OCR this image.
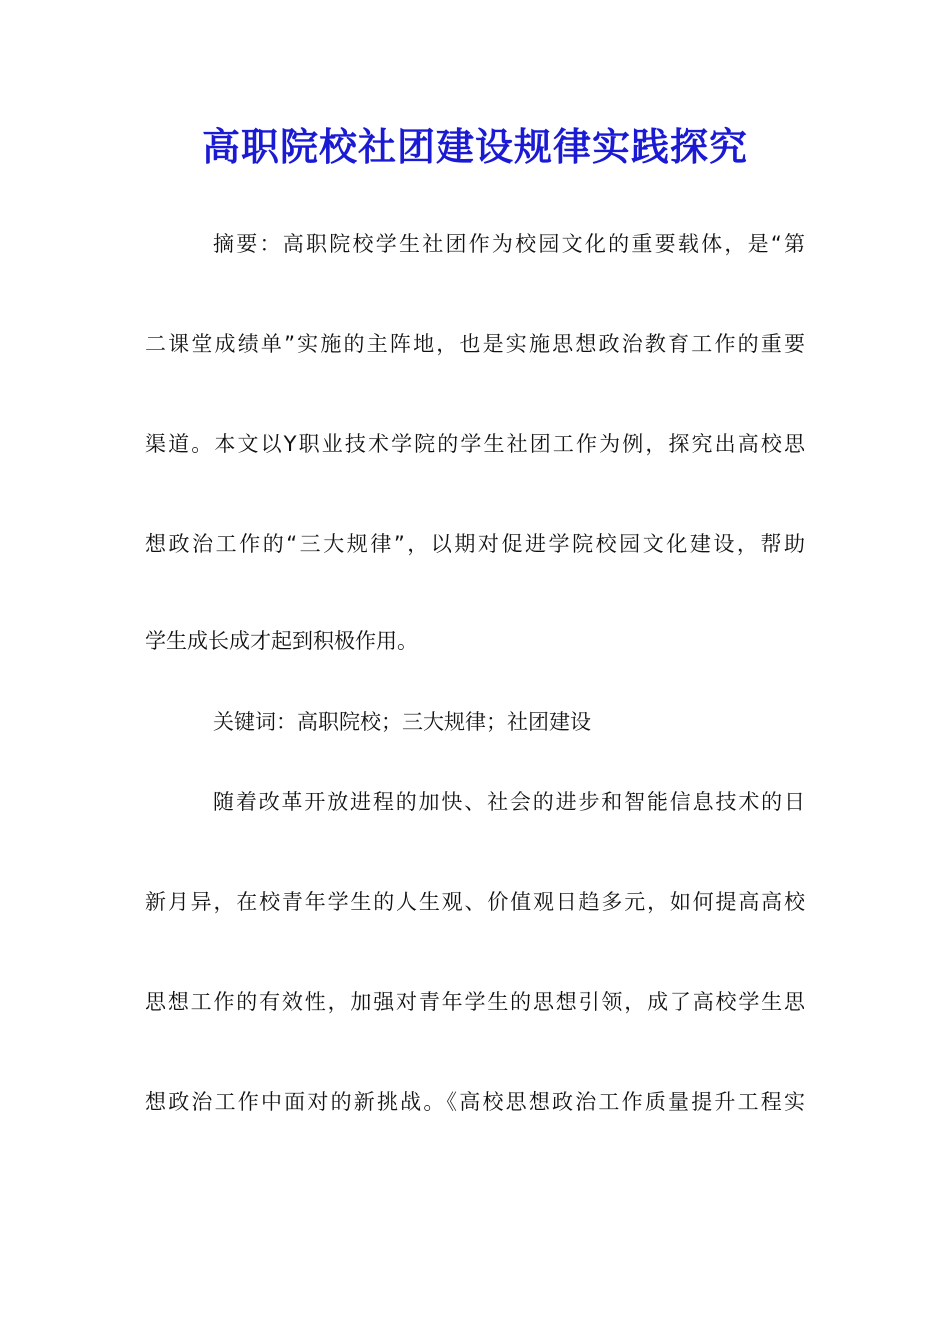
高职院校社团建设规律实践探究

摘要：高职院校学生社团作为校园文化的重要载体，是“第

二课堂成绩单”实施的主阵地，也是实施思想政治教育工作的重要

渠道。本文以Y职业技术学院的学生社团工作为例，探究出高校思

想政治工作的“三大规律”，以期对促进学院校园文化建设，帮助

学生成长成才起到积极作用。

关键词：高职院校；三大规律；社团建设

随着改革开放进程的加快、社会的进步和智能信息技术的日

新月异，在校青年学生的人生观、价值观日趋多元，如何提高高校

思想工作的有效性，加强对青年学生的思想引领，成了高校学生思

想政治工作中面对的新挑战。《高校思想政治工作质量提升工程实
